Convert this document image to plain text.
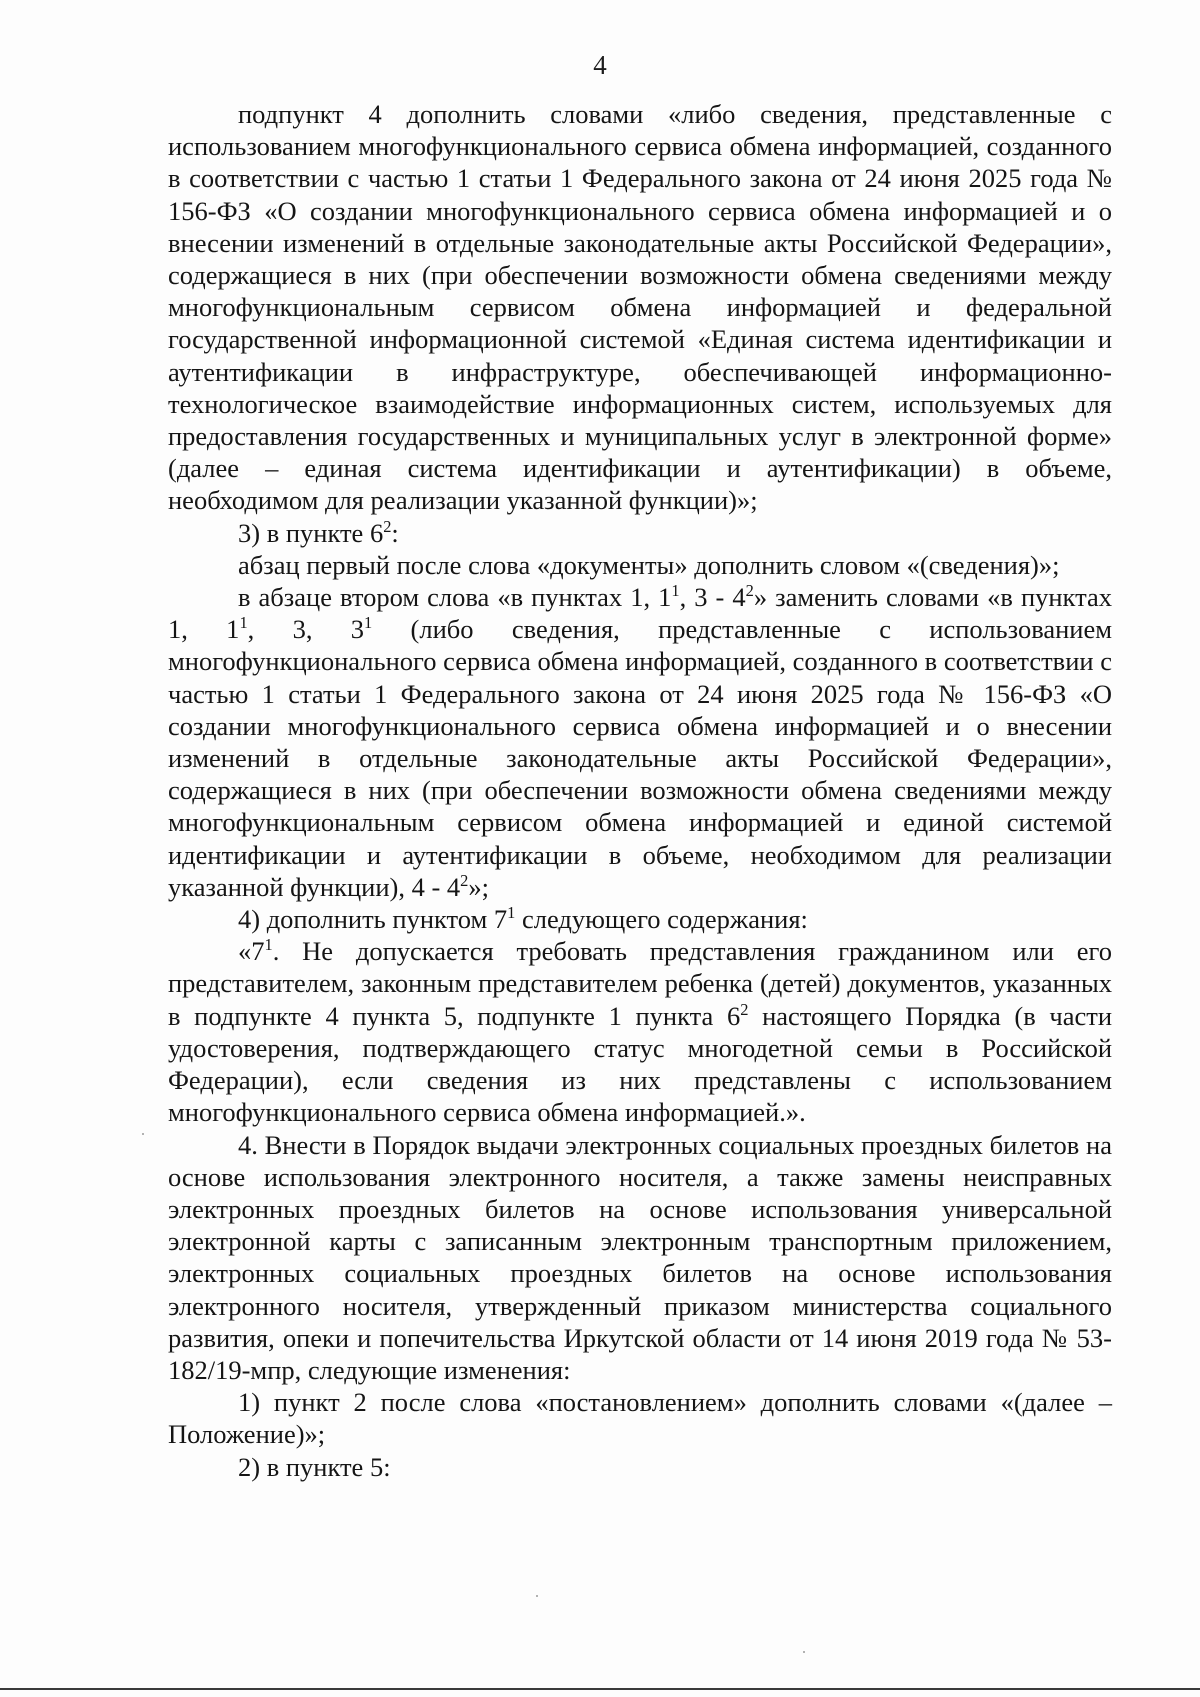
4

подпункт 4 дополнить словами «либо сведения, представленные с использованием многофункционального сервиса обмена информацией, созданного в соответствии с частью 1 статьи 1 Федерального закона от 24 июня 2025 года № 156-ФЗ «О создании многофункционального сервиса обмена информацией и о внесении изменений в отдельные законодательные акты Российской Федерации», содержащиеся в них (при обеспечении возможности обмена сведениями между многофункциональным сервисом обмена информацией и федеральной государственной информационной системой «Единая система идентификации и аутентификации в инфраструктуре, обеспечивающей информационно-технологическое взаимодействие информационных систем, используемых для предоставления государственных и муниципальных услуг в электронной форме» (далее – единая система идентификации и аутентификации) в объеме, необходимом для реализации указанной функции)»;

3) в пункте $6^2$:

абзац первый после слова «документы» дополнить словом «(сведения)»;

в абзаце втором слова «в пунктах 1, $1^1$, $3 - 4^2$» заменить словами «в пунктах 1, $1^1$, 3, $3^1$ (либо сведения, представленные с использованием многофункционального сервиса обмена информацией, созданного в соответствии с частью 1 статьи 1 Федерального закона от 24 июня 2025 года № 156-ФЗ «О создании многофункционального сервиса обмена информацией и о внесении изменений в отдельные законодательные акты Российской Федерации», содержащиеся в них (при обеспечении возможности обмена сведениями между многофункциональным сервисом обмена информацией и единой системой идентификации и аутентификации в объеме, необходимом для реализации указанной функции), $4 - 4^2$»;

4) дополнить пунктом $7^1$ следующего содержания:

«$7^1$. Не допускается требовать представления гражданином или его представителем, законным представителем ребенка (детей) документов, указанных в подпункте 4 пункта 5, подпункте 1 пункта $6^2$ настоящего Порядка (в части удостоверения, подтверждающего статус многодетной семьи в Российской Федерации), если сведения из них представлены с использованием многофункционального сервиса обмена информацией.».

4. Внести в Порядок выдачи электронных социальных проездных билетов на основе использования электронного носителя, а также замены неисправных электронных проездных билетов на основе использования универсальной электронной карты с записанным электронным транспортным приложением, электронных социальных проездных билетов на основе использования электронного носителя, утвержденный приказом министерства социального развития, опеки и попечительства Иркутской области от 14 июня 2019 года № 53-182/19-мпр, следующие изменения:

1) пункт 2 после слова «постановлением» дополнить словами «(далее – Положение)»;

2) в пункте 5:
